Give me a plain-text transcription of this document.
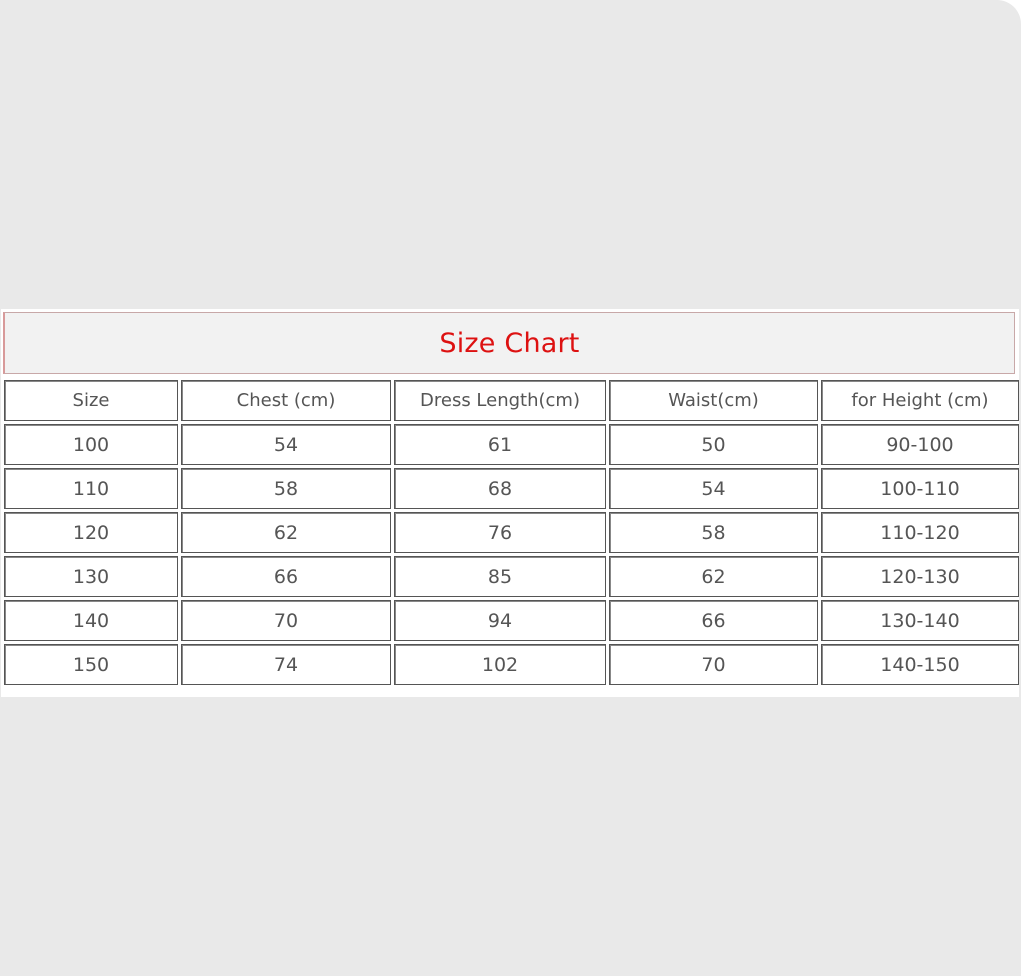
Size Chart
Size	Chest (cm)	Dress Length(cm)	Waist(cm)	for Height (cm)
100	54	61	50	90-100
110	58	68	54	100-110
120	62	76	58	110-120
130	66	85	62	120-130
140	70	94	66	130-140
150	74	102	70	140-150
